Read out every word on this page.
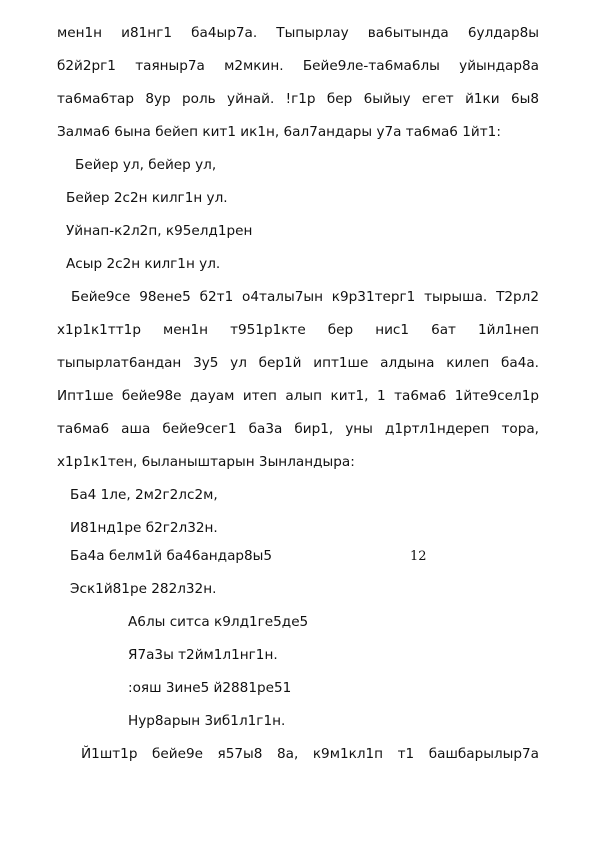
мен1н и81нг1 ба4ыр7а. Тыпырлау ва6ытында 6улдар8ы
б2й2рг1 таяныр7а м2мкин. Бейе9ле-та6ма6лы уйындар8а
та6ма6тар 8ур роль уйнай. !г1р бер 6ыйыу егет й1ки 6ы8
Залма6 6ына бейеп кит1 ик1н, 6ал7андары у7а та6ма6 1йт1:
Бейер ул, бейер ул,
Бейер 2с2н килг1н ул.
Уйнап-к2л2п, к95елд1рен
Асыр 2с2н килг1н ул.
Бейе9се 98ене5 б2т1 о4талы7ын к9р31терг1 тырыша. Т2рл2
х1р1к1тт1р мен1н т951р1кте бер нис1 6ат 1йл1неп
тыпырлат6андан 3у5 ул бер1й ипт1ше алдына килеп ба4а.
Ипт1ше бейе98е дауам итеп алып кит1, 1 та6ма6 1йте9сел1р
та6ма6 аша бейе9сег1 ба3а бир1, уны д1ртл1ндереп тора,
х1р1к1тен, 6ыланыштарын 3ынландыра:
Ба4 1ле, 2м2г2лс2м,
И81нд1ре б2г2л32н.
Ба4а белм1й ба46андар8ы5
Эск1й81ре 282л32н.
А6лы ситса к9лд1ге5де5
Я7а3ы т2йм1л1нг1н.
:ояш 3ине5 й2881ре51
Нур8арын 3иб1л1г1н.
Й1шт1р бейе9е я57ы8 8а, к9м1кл1п т1 башбарылыр7а
12
